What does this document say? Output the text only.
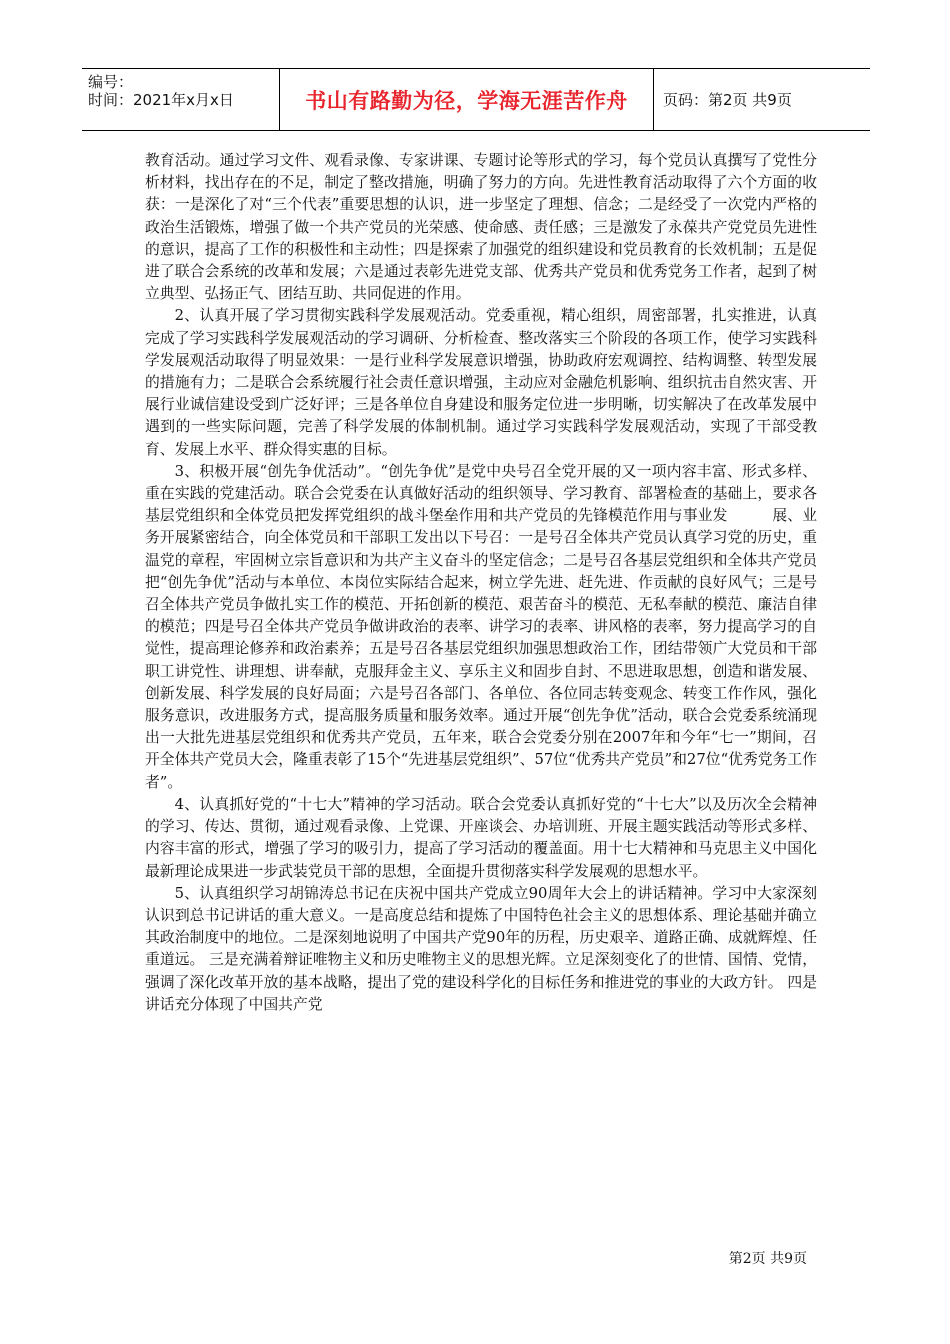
编号：
时间：2021年x月x日	书山有路勤为径，学海无涯苦作舟	页码：第2页 共9页

教育活动。通过学习文件、观看录像、专家讲课、专题讨论等形式的学习，每个党员认真撰写了党性分析材料，找出存在的不足，制定了整改措施，明确了努力的方向。先进性教育活动取得了六个方面的收获：一是深化了对“三个代表”重要思想的认识，进一步坚定了理想、信念；二是经受了一次党内严格的政治生活锻炼，增强了做一个共产党员的光荣感、使命感、责任感；三是激发了永葆共产党党员先进性的意识，提高了工作的积极性和主动性；四是探索了加强党的组织建设和党员教育的长效机制；五是促进了联合会系统的改革和发展；六是通过表彰先进党支部、优秀共产党员和优秀党务工作者，起到了树立典型、弘扬正气、团结互助、共同促进的作用。

2、认真开展了学习贯彻实践科学发展观活动。党委重视，精心组织，周密部署，扎实推进，认真完成了学习实践科学发展观活动的学习调研、分析检查、整改落实三个阶段的各项工作，使学习实践科学发展观活动取得了明显效果：一是行业科学发展意识增强，协助政府宏观调控、结构调整、转型发展的措施有力；二是联合会系统履行社会责任意识增强，主动应对金融危机影响、组织抗击自然灾害、开展行业诚信建设受到广泛好评；三是各单位自身建设和服务定位进一步明晰，切实解决了在改革发展中遇到的一些实际问题，完善了科学发展的体制机制。通过学习实践科学发展观活动，实现了干部受教育、发展上水平、群众得实惠的目标。

3、积极开展“创先争优活动”。“创先争优”是党中央号召全党开展的又一项内容丰富、形式多样、重在实践的党建活动。联合会党委在认真做好活动的组织领导、学习教育、部署检查的基础上，要求各基层党组织和全体党员把发挥党组织的战斗堡垒作用和共产党员的先锋模范作用与事业发　　　展、业务开展紧密结合，向全体党员和干部职工发出以下号召：一是号召全体共产党员认真学习党的历史，重温党的章程，牢固树立宗旨意识和为共产主义奋斗的坚定信念；二是号召各基层党组织和全体共产党员把“创先争优”活动与本单位、本岗位实际结合起来，树立学先进、赶先进、作贡献的良好风气；三是号召全体共产党员争做扎实工作的模范、开拓创新的模范、艰苦奋斗的模范、无私奉献的模范、廉洁自律的模范；四是号召全体共产党员争做讲政治的表率、讲学习的表率、讲风格的表率，努力提高学习的自觉性，提高理论修养和政治素养；五是号召各基层党组织加强思想政治工作，团结带领广大党员和干部职工讲党性、讲理想、讲奉献，克服拜金主义、享乐主义和固步自封、不思进取思想，创造和谐发展、创新发展、科学发展的良好局面；六是号召各部门、各单位、各位同志转变观念、转变工作作风，强化服务意识，改进服务方式，提高服务质量和服务效率。通过开展“创先争优”活动，联合会党委系统涌现出一大批先进基层党组织和优秀共产党员，五年来，联合会党委分别在2007年和今年“七一”期间，召开全体共产党员大会，隆重表彰了15个“先进基层党组织”、57位“优秀共产党员”和27位“优秀党务工作者”。

4、认真抓好党的“十七大”精神的学习活动。联合会党委认真抓好党的“十七大”以及历次全会精神的学习、传达、贯彻，通过观看录像、上党课、开座谈会、办培训班、开展主题实践活动等形式多样、内容丰富的形式，增强了学习的吸引力，提高了学习活动的覆盖面。用十七大精神和马克思主义中国化最新理论成果进一步武装党员干部的思想，全面提升贯彻落实科学发展观的思想水平。

5、认真组织学习胡锦涛总书记在庆祝中国共产党成立90周年大会上的讲话精神。学习中大家深刻认识到总书记讲话的重大意义。一是高度总结和提炼了中国特色社会主义的思想体系、理论基础并确立其政治制度中的地位。二是深刻地说明了中国共产党90年的历程，历史艰辛、道路正确、成就辉煌、任重道远。 三是充满着辩证唯物主义和历史唯物主义的思想光辉。立足深刻变化了的世情、国情、党情，强调了深化改革开放的基本战略，提出了党的建设科学化的目标任务和推进党的事业的大政方针。 四是讲话充分体现了中国共产党

第2页 共9页
